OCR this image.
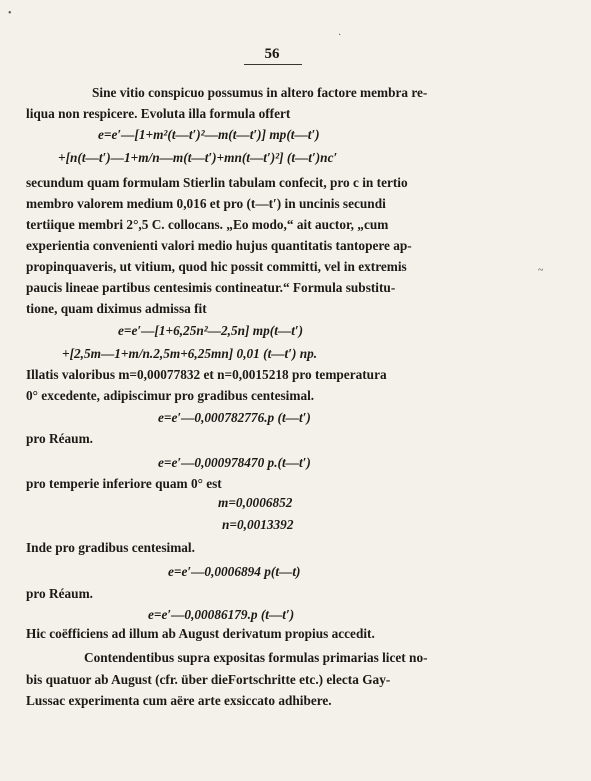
56
Sine vitio conspicuo possumus in altero factore membra re-
liqua non respicere. Evoluta illa formula offert
e=e′—[1+m²(t—t′)²—m(t—t′)] mp(t—t′)
+[n(t—t′)—1+m/n—m(t—t′)+mn(t—t′)²] (t—t′)nc′
secundum quam formulam Stierlin tabulam confecit, pro c in tertio
membro valorem medium 0,016 et pro (t—t′) in uncinis secundi
tertiique membri 2°,5 C. collocans. „Eo modo,“ ait auctor, „cum
experientia convenienti valori medio hujus quantitatis tantopere ap-
propinquaveris, ut vitium, quod hic possit committi, vel in extremis
paucis lineae partibus centesimis contineatur.“ Formula substitu-
tione, quam diximus admissa fit
e=e′—[1+6,25n²—2,5n] mp(t—t′)
+[2,5m—1+m/n.2,5m+6,25mn] 0,01 (t—t′) np.
Illatis valoribus m=0,00077832 et n=0,0015218 pro temperatura
0° excedente, adipiscimur pro gradibus centesimal.
e=e′—0,000782776.p (t—t′)
pro Réaum.
e=e′—0,000978470 p.(t—t′)
pro temperie inferiore quam 0° est
m=0,0006852
n=0,0013392
Inde pro gradibus centesimal.
e=e′—0,0006894 p(t—t)
pro Réaum.
e=e′—0,00086179.p (t—t′)
Hic coëfficiens ad illum ab August derivatum propius accedit.
Contendentibus supra expositas formulas primarias licet no-
bis quatuor ab August (cfr. über dieFortschritte etc.) electa Gay-
Lussac experimenta cum aëre arte exsiccato adhibere.
•
·
~
